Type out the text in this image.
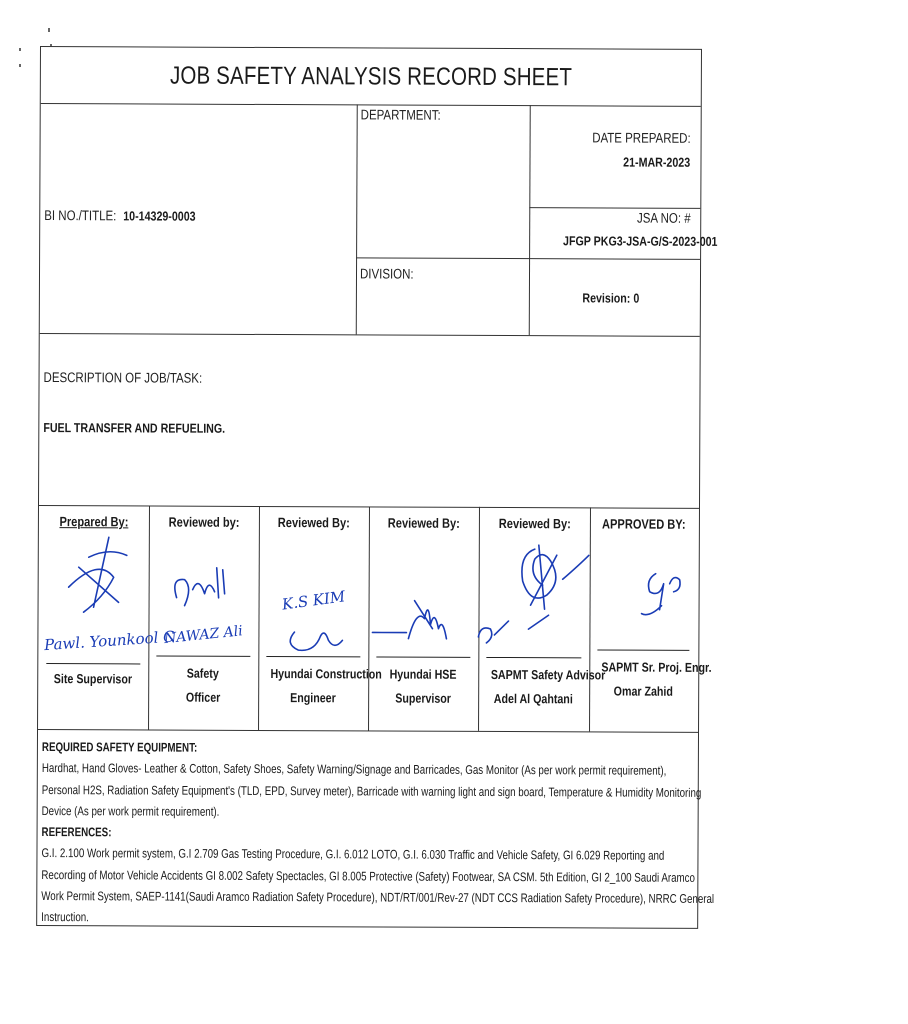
JOB SAFETY ANALYSIS RECORD SHEET
BI NO./TITLE: 10-14329-0003
DEPARTMENT:
DATE PREPARED:
21-MAR-2023
JSA NO: #
JFGP PKG3-JSA-G/S-2023-001
DIVISION:
Revision: 0
DESCRIPTION OF JOB/TASK:
FUEL TRANSFER AND REFUELING.
Prepared By:
Pawl. Younkool C
Site Supervisor
Reviewed by:
NAWAZ Ali
Safety
Officer
Reviewed By:
K.S KIM
Hyundai Construction
Engineer
Reviewed By:
Hyundai HSE
Supervisor
Reviewed By:
SAPMT Safety Advisor
Adel Al Qahtani
APPROVED BY:
SAPMT Sr. Proj. Engr.
Omar Zahid
REQUIRED SAFETY EQUIPMENT:
Hardhat, Hand Gloves- Leather & Cotton, Safety Shoes, Safety Warning/Signage and Barricades, Gas Monitor (As per work permit requirement),
Personal H2S, Radiation Safety Equipment's (TLD, EPD, Survey meter), Barricade with warning light and sign board, Temperature & Humidity Monitoring
Device (As per work permit requirement).
REFERENCES:
G.I. 2.100 Work permit system, G.I 2.709 Gas Testing Procedure, G.I. 6.012 LOTO, G.I. 6.030 Traffic and Vehicle Safety, GI 6.029 Reporting and
Recording of Motor Vehicle Accidents GI 8.002 Safety Spectacles, GI 8.005 Protective (Safety) Footwear, SA CSM. 5th Edition, GI 2_100 Saudi Aramco
Work Permit System, SAEP-1141(Saudi Aramco Radiation Safety Procedure), NDT/RT/001/Rev-27 (NDT CCS Radiation Safety Procedure), NRRC General
Instruction.
